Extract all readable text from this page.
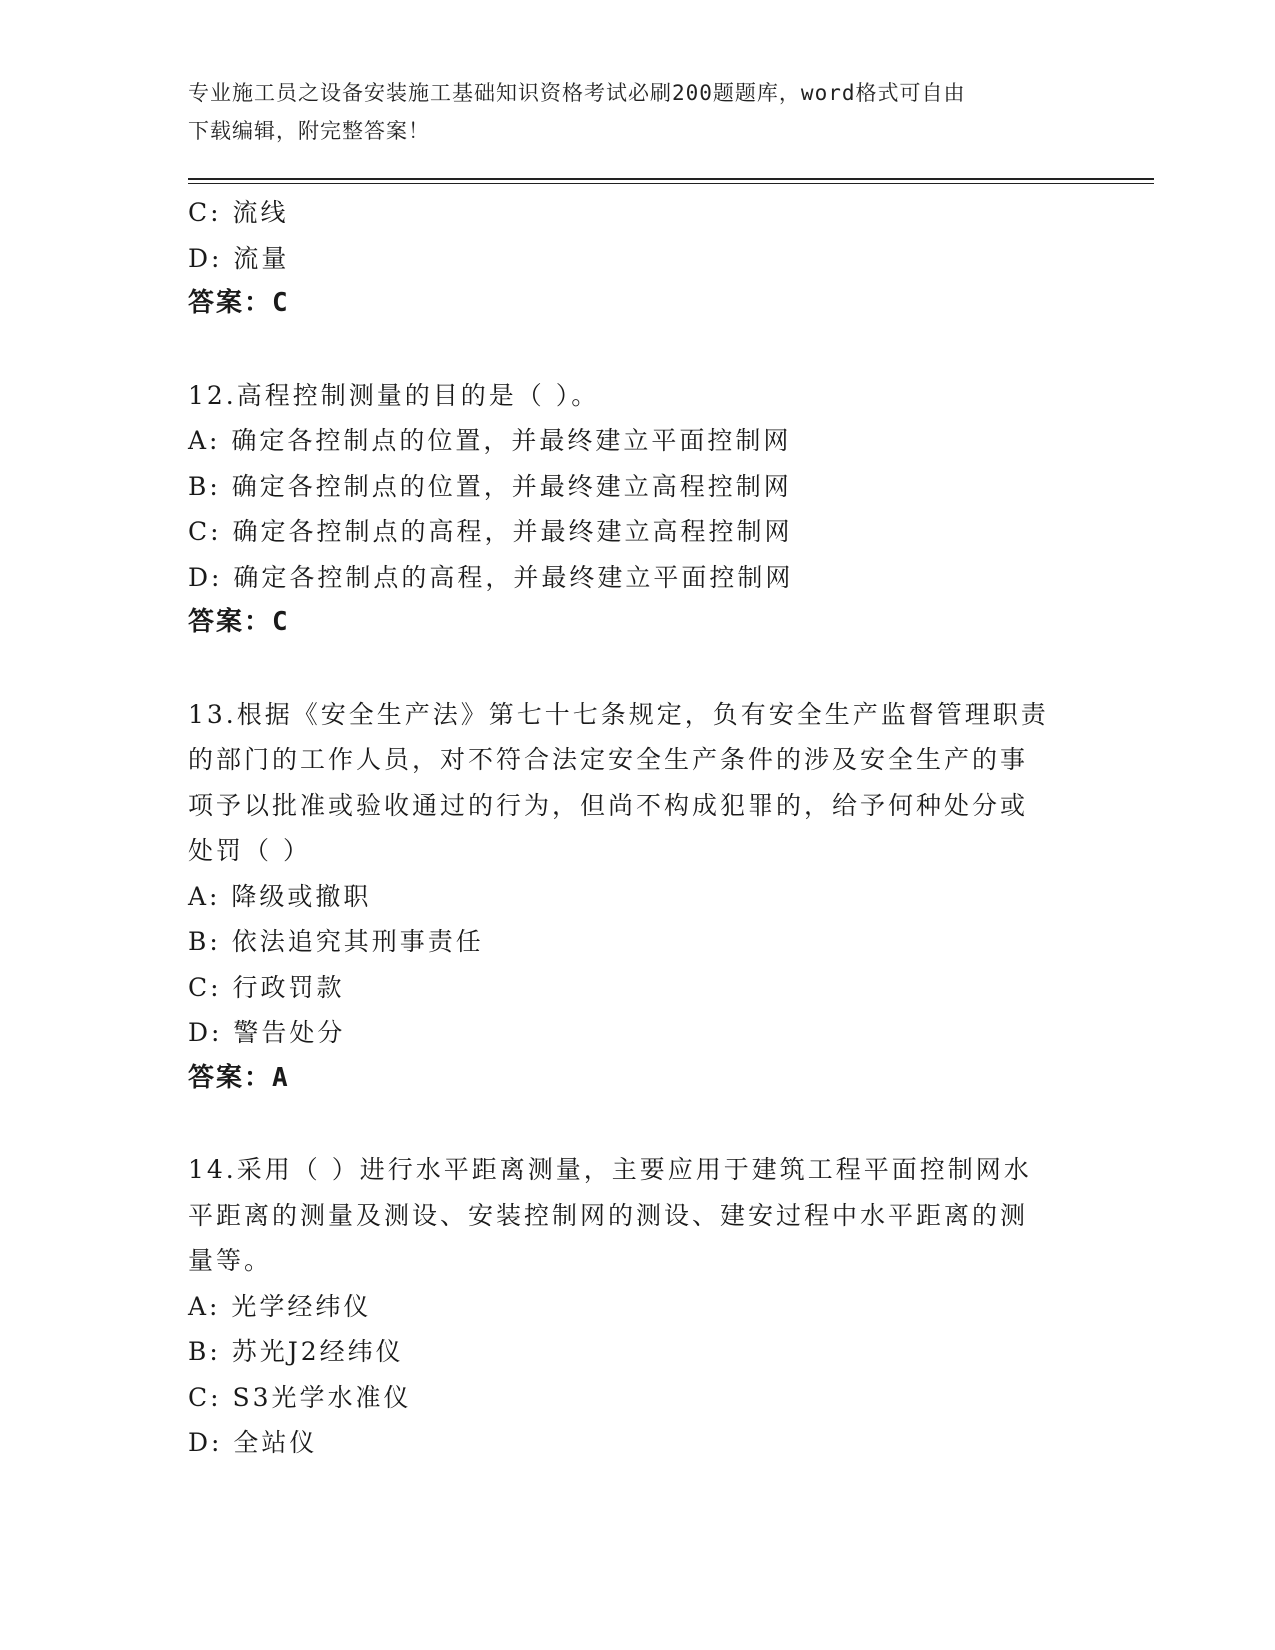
专业施工员之设备安装施工基础知识资格考试必刷200题题库，word格式可自由
下载编辑，附完整答案！
C: 流线
D: 流量
答案：C
12.高程控制测量的目的是（ ）。
A: 确定各控制点的位置，并最终建立平面控制网
B: 确定各控制点的位置，并最终建立高程控制网
C: 确定各控制点的高程，并最终建立高程控制网
D: 确定各控制点的高程，并最终建立平面控制网
答案：C
13.根据《安全生产法》第七十七条规定，负有安全生产监督管理职责
的部门的工作人员，对不符合法定安全生产条件的涉及安全生产的事
项予以批准或验收通过的行为，但尚不构成犯罪的，给予何种处分或
处罚（ ）
A: 降级或撤职
B: 依法追究其刑事责任
C: 行政罚款
D: 警告处分
答案：A
14.采用（ ）进行水平距离测量，主要应用于建筑工程平面控制网水
平距离的测量及测设、安装控制网的测设、建安过程中水平距离的测
量等。
A: 光学经纬仪
B: 苏光J2经纬仪
C: S3光学水准仪
D: 全站仪
